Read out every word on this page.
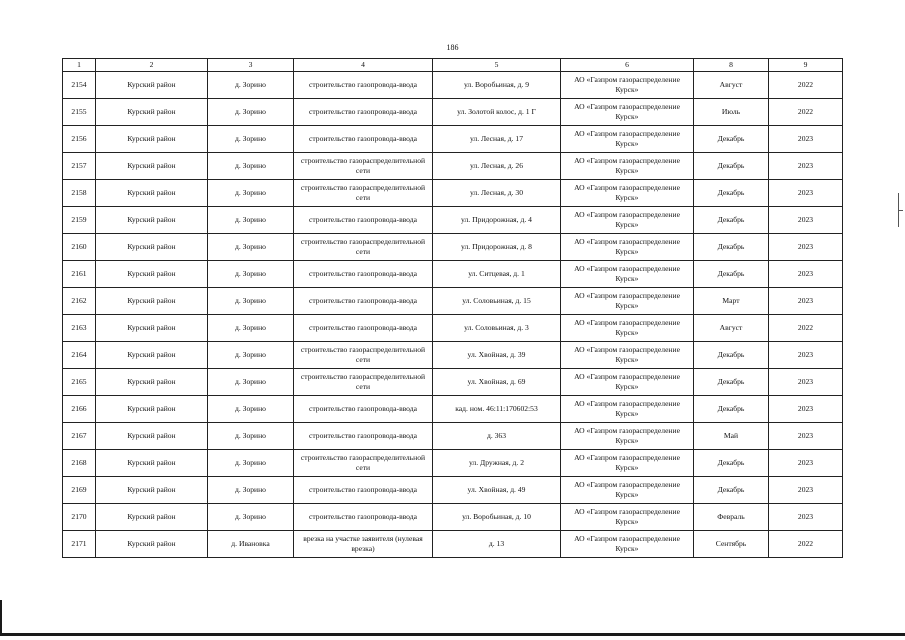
186
1	2	3	4	5	6	8	9
2154	Курский район	д. Зорино	строительство газопровода-ввода	ул. Воробьиная, д. 9	АО «Газпром газораспределение Курск»	Август	2022
2155	Курский район	д. Зорино	строительство газопровода-ввода	ул. Золотой колос, д. 1 Г	АО «Газпром газораспределение Курск»	Июль	2022
2156	Курский район	д. Зорино	строительство газопровода-ввода	ул. Лесная, д. 17	АО «Газпром газораспределение Курск»	Декабрь	2023
2157	Курский район	д. Зорино	строительство газораспределительной сети	ул. Лесная, д. 26	АО «Газпром газораспределение Курск»	Декабрь	2023
2158	Курский район	д. Зорино	строительство газораспределительной сети	ул. Лесная, д. 30	АО «Газпром газораспределение Курск»	Декабрь	2023
2159	Курский район	д. Зорино	строительство газопровода-ввода	ул. Придорожная, д. 4	АО «Газпром газораспределение Курск»	Декабрь	2023
2160	Курский район	д. Зорино	строительство газораспределительной сети	ул. Придорожная, д. 8	АО «Газпром газораспределение Курск»	Декабрь	2023
2161	Курский район	д. Зорино	строительство газопровода-ввода	ул. Ситцевая, д. 1	АО «Газпром газораспределение Курск»	Декабрь	2023
2162	Курский район	д. Зорино	строительство газопровода-ввода	ул. Соловьиная, д. 15	АО «Газпром газораспределение Курск»	Март	2023
2163	Курский район	д. Зорино	строительство газопровода-ввода	ул. Соловьиная, д. 3	АО «Газпром газораспределение Курск»	Август	2022
2164	Курский район	д. Зорино	строительство газораспределительной сети	ул. Хвойная, д. 39	АО «Газпром газораспределение Курск»	Декабрь	2023
2165	Курский район	д. Зорино	строительство газораспределительной сети	ул. Хвойная, д. 69	АО «Газпром газораспределение Курск»	Декабрь	2023
2166	Курский район	д. Зорино	строительство газопровода-ввода	кад. ном. 46:11:170602:53	АО «Газпром газораспределение Курск»	Декабрь	2023
2167	Курский район	д. Зорино	строительство газопровода-ввода	д. 363	АО «Газпром газораспределение Курск»	Май	2023
2168	Курский район	д. Зорино	строительство газораспределительной сети	ул. Дружная, д. 2	АО «Газпром газораспределение Курск»	Декабрь	2023
2169	Курский район	д. Зорино	строительство газопровода-ввода	ул. Хвойная, д. 49	АО «Газпром газораспределение Курск»	Декабрь	2023
2170	Курский район	д. Зорино	строительство газопровода-ввода	ул. Воробьиная, д. 10	АО «Газпром газораспределение Курск»	Февраль	2023
2171	Курский район	д. Ивановка	врезка на участке заявителя (нулевая врезка)	д. 13	АО «Газпром газораспределение Курск»	Сентябрь	2022
